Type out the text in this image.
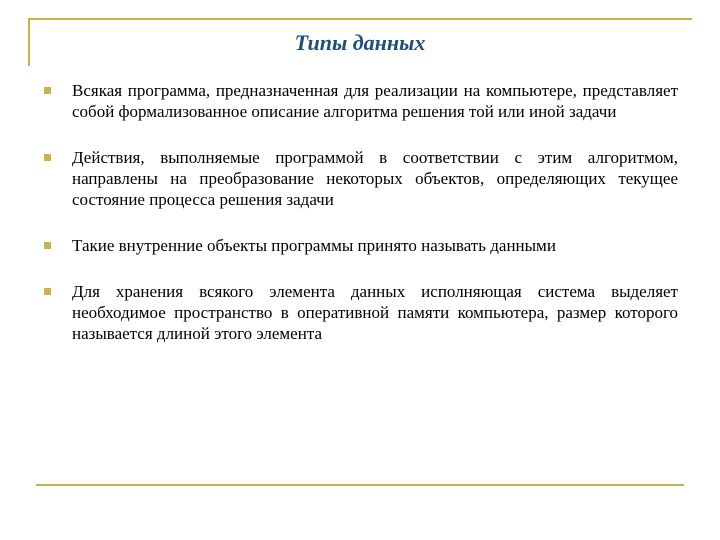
Типы данных
Всякая программа, предназначенная для реализации на компьютере, представляет собой формализованное описание алгоритма решения той или иной задачи
Действия, выполняемые программой в соответствии с этим алгоритмом, направлены на преобразование некоторых объектов, определяющих текущее состояние процесса решения задачи
Такие внутренние объекты программы принято называть данными
Для хранения всякого элемента данных исполняющая система выделяет необходимое пространство в оперативной памяти компьютера, размер которого называется длиной этого элемента
